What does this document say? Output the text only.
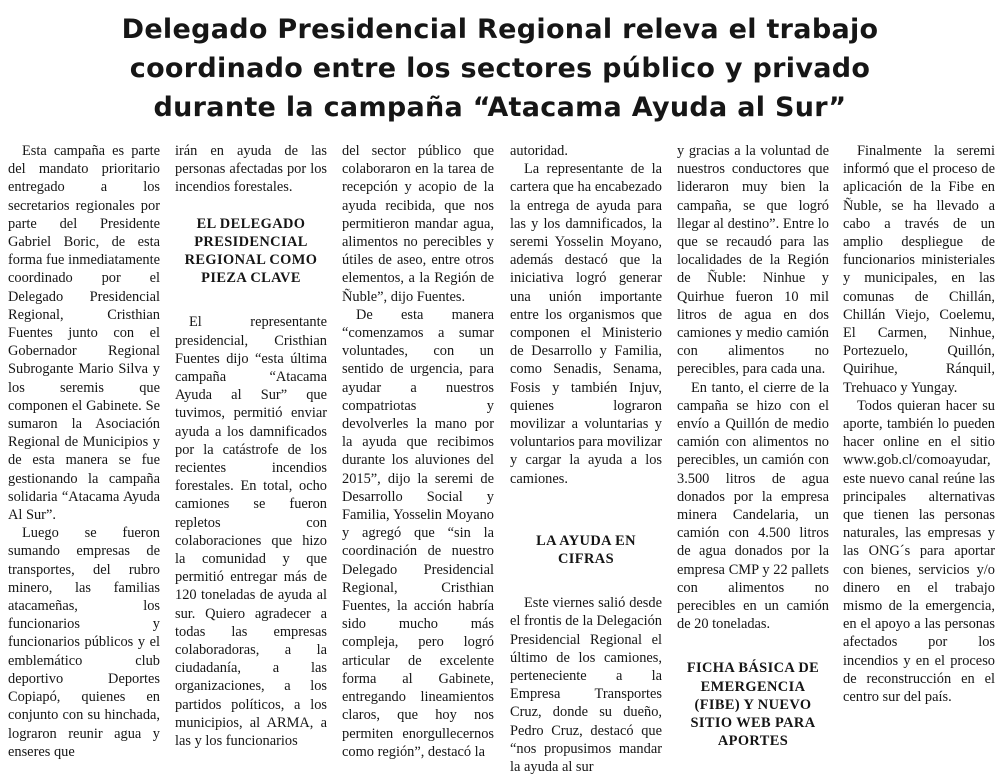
Delegado Presidencial Regional releva el trabajo
coordinado entre los sectores público y privado
durante la campaña “Atacama Ayuda al Sur”

Esta campaña es parte del mandato prioritario entregado a los secretarios regionales por parte del Presidente Gabriel Boric, de esta forma fue inmediatamente coordinado por el Delegado Presidencial Regional, Cristhian Fuentes junto con el Gobernador Regional Subrogante Mario Silva y los seremis que componen el Gabinete. Se sumaron la Asociación Regional de Municipios y de esta manera se fue gestionando la campaña solidaria “Atacama Ayuda Al Sur”.

Luego se fueron sumando empresas de transportes, del rubro minero, las familias atacameñas, los funcionarios y funcionarios públicos y el emblemático club deportivo Deportes Copiapó, quienes en conjunto con su hinchada, lograron reunir agua y enseres que

irán en ayuda de las personas afectadas por los incendios forestales.

EL DELEGADO PRESIDENCIAL REGIONAL COMO PIEZA CLAVE

El representante presidencial, Cristhian Fuentes dijo “esta última campaña “Atacama Ayuda al Sur” que tuvimos, permitió enviar ayuda a los damnificados por la catástrofe de los recientes incendios forestales. En total, ocho camiones se fueron repletos con colaboraciones que hizo la comunidad y que permitió entregar más de 120 toneladas de ayuda al sur. Quiero agradecer a todas las empresas colaboradoras, a la ciudadanía, a las organizaciones, a los partidos políticos, a los municipios, al ARMA, a las y los funcionarios

del sector público que colaboraron en la tarea de recepción y acopio de la ayuda recibida, que nos permitieron mandar agua, alimentos no perecibles y útiles de aseo, entre otros elementos, a la Región de Ñuble”, dijo Fuentes.

De esta manera “comenzamos a sumar voluntades, con un sentido de urgencia, para ayudar a nuestros compatriotas y devolverles la mano por la ayuda que recibimos durante los aluviones del 2015”, dijo la seremi de Desarrollo Social y Familia, Yosselin Moyano y agregó que “sin la coordinación de nuestro Delegado Presidencial Regional, Cristhian Fuentes, la acción habría sido mucho más compleja, pero logró articular de excelente forma al Gabinete, entregando lineamientos claros, que hoy nos permiten enorgullecernos como región”, destacó la

autoridad.

La representante de la cartera que ha encabezado la entrega de ayuda para las y los damnificados, la seremi Yosselin Moyano, además destacó que la iniciativa logró generar una unión importante entre los organismos que componen el Ministerio de Desarrollo y Familia, como Senadis, Senama, Fosis y también Injuv, quienes lograron movilizar a voluntarias y voluntarios para movilizar y cargar la ayuda a los camiones.

LA AYUDA EN CIFRAS

Este viernes salió desde el frontis de la Delegación Presidencial Regional el último de los camiones, perteneciente a la Empresa Transportes Cruz, donde su dueño, Pedro Cruz, destacó que “nos propusimos mandar la ayuda al sur

y gracias a la voluntad de nuestros conductores que lideraron muy bien la campaña, se que logró llegar al destino”. Entre lo que se recaudó para las localidades de la Región de Ñuble: Ninhue y Quirhue fueron 10 mil litros de agua en dos camiones y medio camión con alimentos no perecibles, para cada una.

En tanto, el cierre de la campaña se hizo con el envío a Quillón de medio camión con alimentos no perecibles, un camión con 3.500 litros de agua donados por la empresa minera Candelaria, un camión con 4.500 litros de agua donados por la empresa CMP y 22 pallets con alimentos no perecibles en un camión de 20 toneladas.

FICHA BÁSICA DE EMERGENCIA (FIBE) Y NUEVO SITIO WEB PARA APORTES

Finalmente la seremi informó que el proceso de aplicación de la Fibe en Ñuble, se ha llevado a cabo a través de un amplio despliegue de funcionarios ministeriales y municipales, en las comunas de Chillán, Chillán Viejo, Coelemu, El Carmen, Ninhue, Portezuelo, Quillón, Quirihue, Ránquil, Trehuaco y Yungay.

Todos quieran hacer su aporte, también lo pueden hacer online en el sitio www.gob.cl/comoayudar, este nuevo canal reúne las principales alternativas que tienen las personas naturales, las empresas y las ONG´s para aportar con bienes, servicios y/o dinero en el trabajo mismo de la emergencia, en el apoyo a las personas afectados por los incendios y en el proceso de reconstrucción en el centro sur del país.
